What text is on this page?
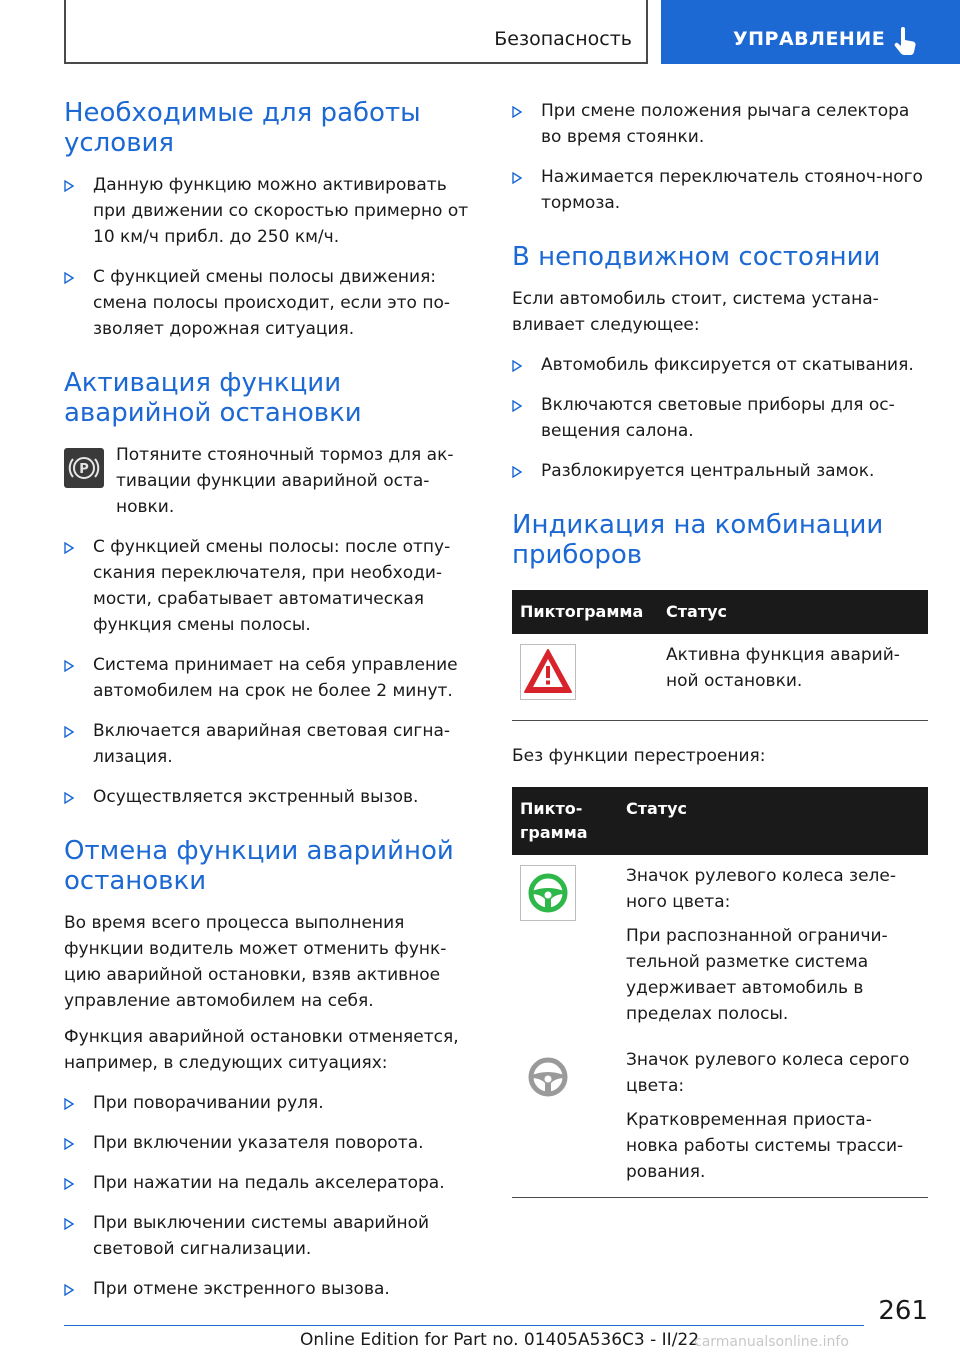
Безопасность	УПРАВЛЕНИЕ
Необходимые для работы условия
Данную функцию можно активировать при движении со скоростью примерно от 10 км/ч прибл. до 250 км/ч.
С функцией смены полосы движения: смена полосы происходит, если это по-зволяет дорожная ситуация.
Активация функции аварийной остановки
P
Потяните стояночный тормоз для ак-тивации функции аварийной оста-новки.
С функцией смены полосы: после отпу-скания переключателя, при необходи-мости, срабатывает автоматическая функция смены полосы.
Система принимает на себя управление автомобилем на срок не более 2 минут.
Включается аварийная световая сигна-лизация.
Осуществляется экстренный вызов.
Отмена функции аварийной остановки

Во время всего процесса выполнения функции водитель может отменить функ-цию аварийной остановки, взяв активное управление автомобилем на себя.

Функция аварийной остановки отменяется, например, в следующих ситуациях:

При поворачивании руля.
При включении указателя поворота.
При нажатии на педаль акселератора.
При выключении системы аварийной световой сигнализации.
При отмене экстренного вызова.
При смене положения рычага селектора во время стоянки.
Нажимается переключатель стояноч-ного тормоза.
В неподвижном состоянии

Если автомобиль стоит, система устана-вливает следующее:

Автомобиль фиксируется от скатывания.
Включаются световые приборы для ос-вещения салона.
Разблокируется центральный замок.
Индикация на комбинации приборов
Пиктограмма	Статус
	Активна функция аварий-ной остановки.

Без функции перестроения:

Пикто-грамма	Статус

Значок рулевого колеса зеле-ного цвета:
При распознанной ограничи-тельной разметке система удерживает автомобиль в пределах полосы.

Значок рулевого колеса серого цвета:
Кратковременная приоста-новка работы системы трасси-рования.
261
Online Edition for Part no. 01405A536C3 - II/22
carmanualsonline.info
